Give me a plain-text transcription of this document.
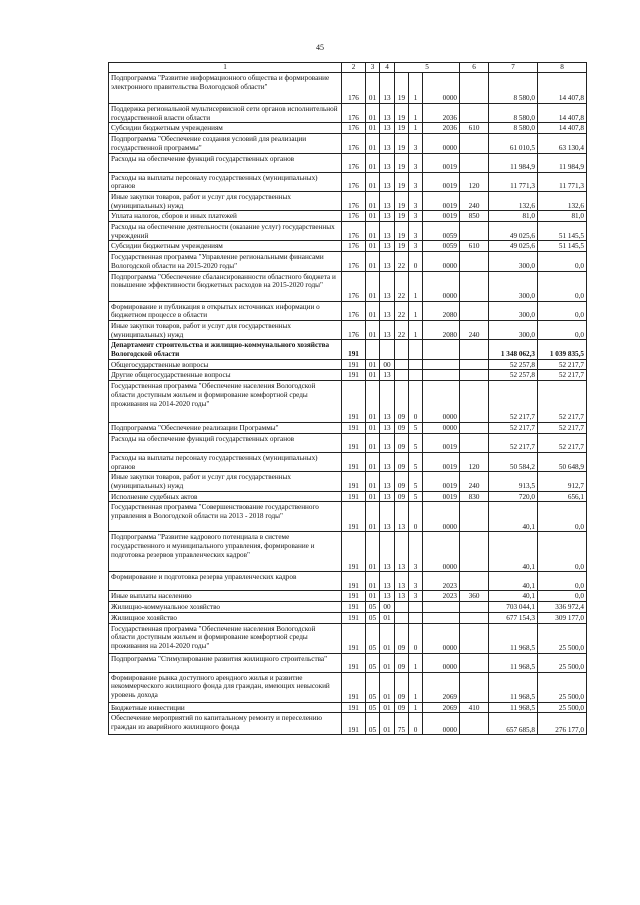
45
1	2	3	4	5			6	7	8
Подпрограмма "Развитие информационного общества и формирование электронного правительства Вологодской области"	176	01	13	19	1	0000		8 580,0	14 407,8
Поддержка региональной мультисервисной сети органов исполнительной государственной власти области	176	01	13	19	1	2036		8 580,0	14 407,8
Субсидии бюджетным учреждениям	176	01	13	19	1	2036	610	8 580,0	14 407,8
Подпрограмма "Обеспечение создания условий для реализации государственной программы"	176	01	13	19	3	0000		61 010,5	63 130,4
Расходы на обеспечение функций государственных органов	176	01	13	19	3	0019		11 984,9	11 984,9
Расходы на выплаты персоналу государственных (муниципальных) органов	176	01	13	19	3	0019	120	11 771,3	11 771,3
Иные закупки товаров, работ и услуг для государственных (муниципальных) нужд	176	01	13	19	3	0019	240	132,6	132,6
Уплата налогов, сборов и иных платежей	176	01	13	19	3	0019	850	81,0	81,0
Расходы на обеспечение деятельности (оказание услуг) государственных учреждений	176	01	13	19	3	0059		49 025,6	51 145,5
Субсидии бюджетным учреждениям	176	01	13	19	3	0059	610	49 025,6	51 145,5
Государственная программа "Управление региональными финансами Вологодской области на 2015-2020 годы"	176	01	13	22	0	0000		300,0	0,0
Подпрограмма "Обеспечение сбалансированности областного бюджета и повышение эффективности бюджетных расходов на 2015-2020 годы"	176	01	13	22	1	0000		300,0	0,0
Формирование и публикация в открытых источниках информации о бюджетном процессе в области	176	01	13	22	1	2080		300,0	0,0
Иные закупки товаров, работ и услуг для государственных (муниципальных) нужд	176	01	13	22	1	2080	240	300,0	0,0
Департамент строительства и жилищно-коммунального хозяйства Вологодской области	191							1 348 062,3	1 039 835,5
Общегосударственные вопросы	191	01	00					52 257,8	52 217,7
Другие общегосударственные вопросы	191	01	13					52 257,8	52 217,7
Государственная программа "Обеспечение населения Вологодской области доступным жильем и формирование комфортной среды проживания на 2014-2020 годы"	191	01	13	09	0	0000		52 217,7	52 217,7
Подпрограмма "Обеспечение реализации Программы"	191	01	13	09	5	0000		52 217,7	52 217,7
Расходы на обеспечение функций государственных органов	191	01	13	09	5	0019		52 217,7	52 217,7
Расходы на выплаты персоналу государственных (муниципальных) органов	191	01	13	09	5	0019	120	50 584,2	50 648,9
Иные закупки товаров, работ и услуг для государственных (муниципальных) нужд	191	01	13	09	5	0019	240	913,5	912,7
Исполнение судебных актов	191	01	13	09	5	0019	830	720,0	656,1
Государственная программа "Совершенствование государственного управления в Вологодской области на 2013 - 2018 годы"	191	01	13	13	0	0000		40,1	0,0
Подпрограмма "Развитие кадрового потенциала в системе государственного и муниципального управления, формирование и подготовка резервов управленческих кадров"	191	01	13	13	3	0000		40,1	0,0
Формирование и подготовка резерва управленческих кадров	191	01	13	13	3	2023		40,1	0,0
Иные выплаты населению	191	01	13	13	3	2023	360	40,1	0,0
Жилищно-коммунальное хозяйство	191	05	00					703 044,1	336 972,4
Жилищное хозяйство	191	05	01					677 154,3	309 177,0
Государственная программа "Обеспечение населения Вологодской области доступным жильем и формирование комфортной среды проживания на 2014-2020 годы"	191	05	01	09	0	0000		11 968,5	25 500,0
Подпрограмма "Стимулирование развития жилищного строительства"	191	05	01	09	1	0000		11 968,5	25 500,0
Формирование рынка доступного арендного жилья и развитие некоммерческого жилищного фонда для граждан, имеющих невысокий уровень дохода	191	05	01	09	1	2069		11 968,5	25 500,0
Бюджетные инвестиции	191	05	01	09	1	2069	410	11 968,5	25 500,0
Обеспечение мероприятий по капитальному ремонту и переселению граждан из аварийного жилищного фонда	191	05	01	75	0	0000		657 685,8	276 177,0
